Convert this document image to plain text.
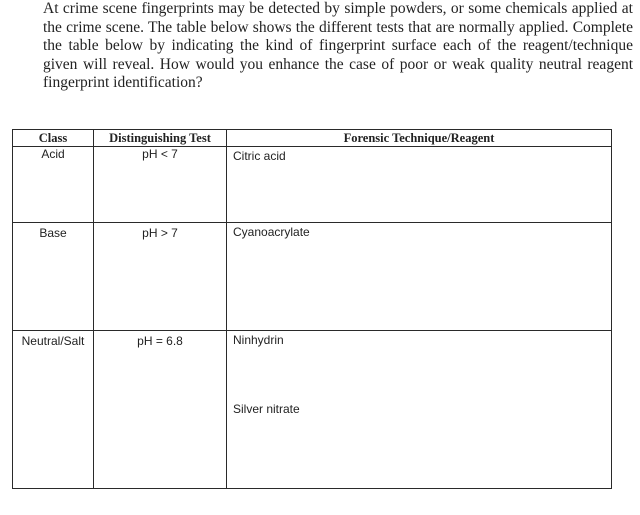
At crime scene fingerprints may be detected by simple powders, or some chemicals applied at the crime scene. The table below shows the different tests that are normally applied. Complete the table below by indicating the kind of fingerprint surface each of the reagent/technique given will reveal. How would you enhance the case of poor or weak quality neutral reagent fingerprint identification?

Class	Distinguishing Test	Forensic Technique/Reagent

Acid	pH < 7	Citric acid

Base	pH > 7	Cyanoacrylate

Neutral/Salt	pH = 6.8	Ninhydrin
Silver nitrate
